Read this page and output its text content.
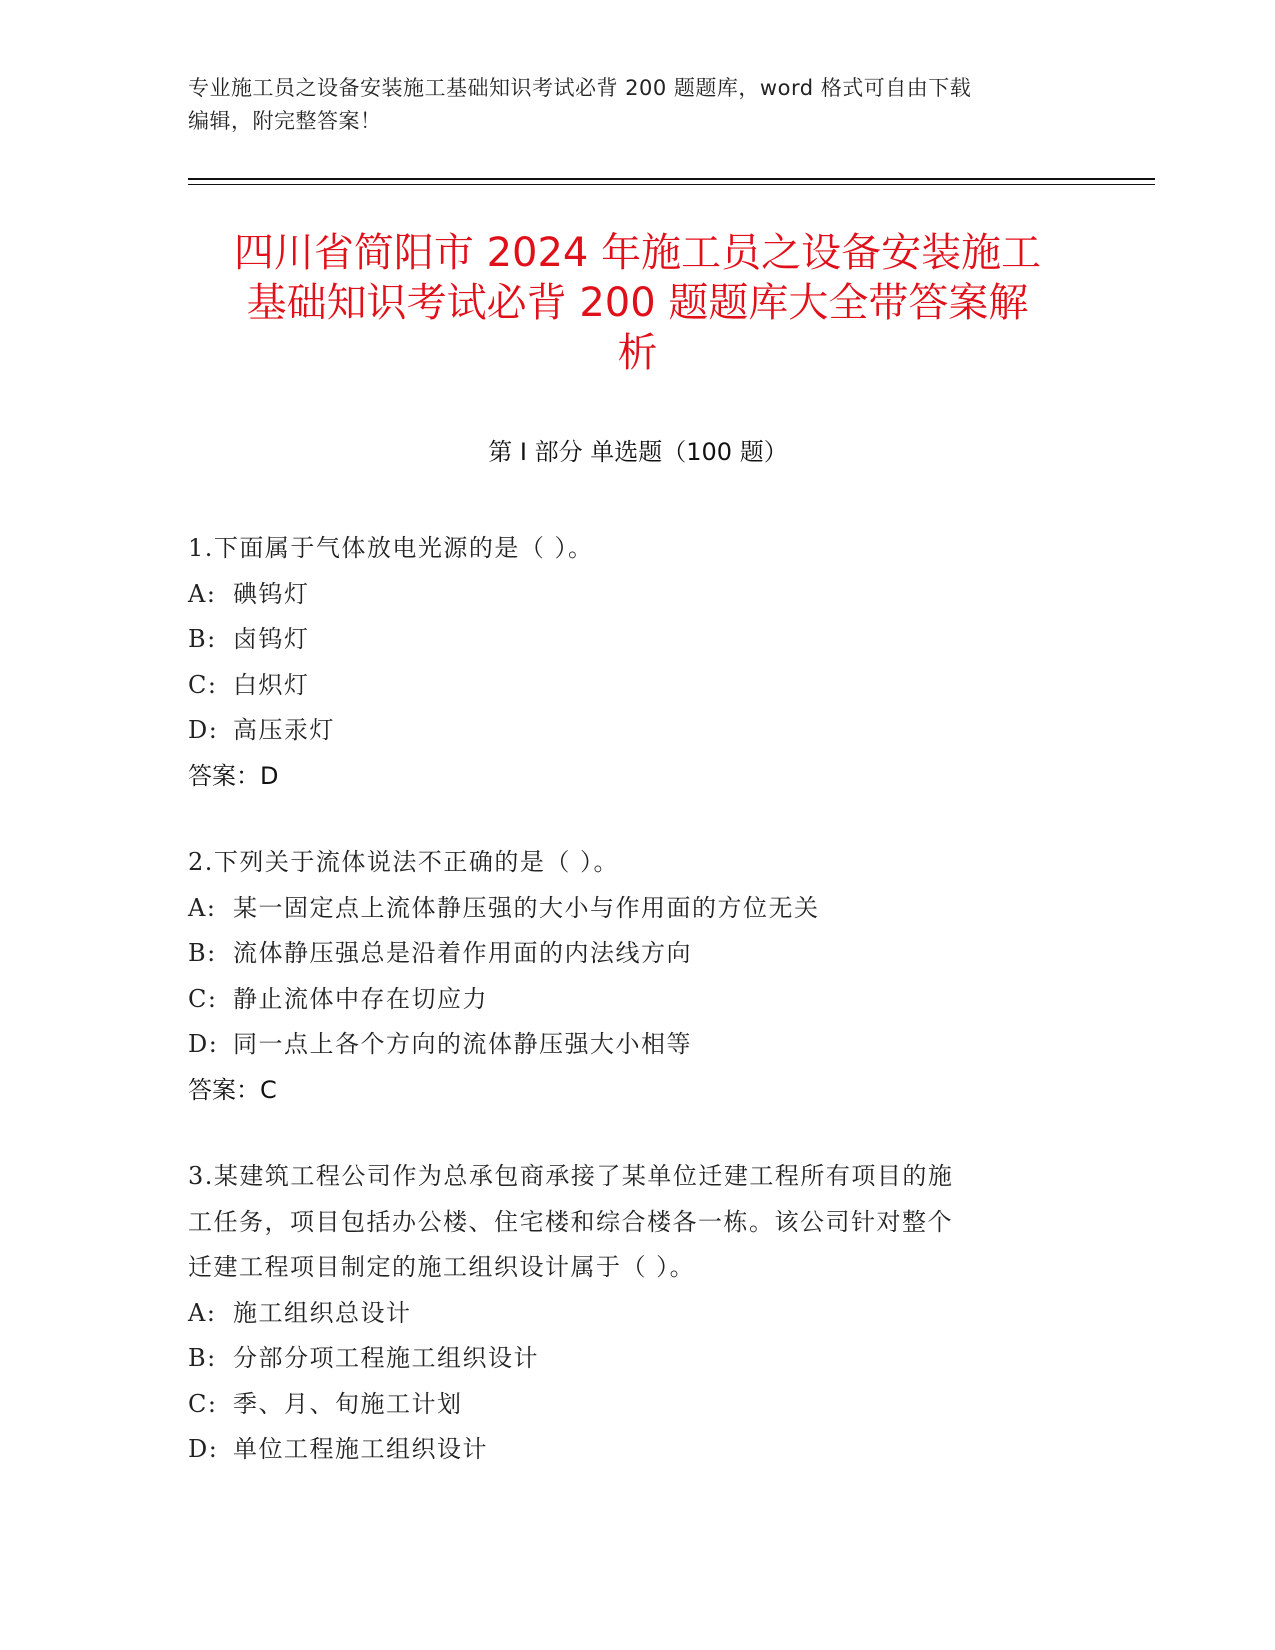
专业施工员之设备安装施工基础知识考试必背 200 题题库，word 格式可自由下载
编辑，附完整答案！
四川省简阳市 2024 年施工员之设备安装施工
基础知识考试必背 200 题题库大全带答案解
析
第 I 部分 单选题（100 题）
1.下面属于气体放电光源的是（ ）。
A: 碘钨灯
B: 卤钨灯
C: 白炽灯
D: 高压汞灯
答案：D
2.下列关于流体说法不正确的是（ ）。
A: 某一固定点上流体静压强的大小与作用面的方位无关
B: 流体静压强总是沿着作用面的内法线方向
C: 静止流体中存在切应力
D: 同一点上各个方向的流体静压强大小相等
答案：C
3.某建筑工程公司作为总承包商承接了某单位迁建工程所有项目的施
工任务，项目包括办公楼、住宅楼和综合楼各一栋。该公司针对整个
迁建工程项目制定的施工组织设计属于（ ）。
A: 施工组织总设计
B: 分部分项工程施工组织设计
C: 季、月、旬施工计划
D: 单位工程施工组织设计
